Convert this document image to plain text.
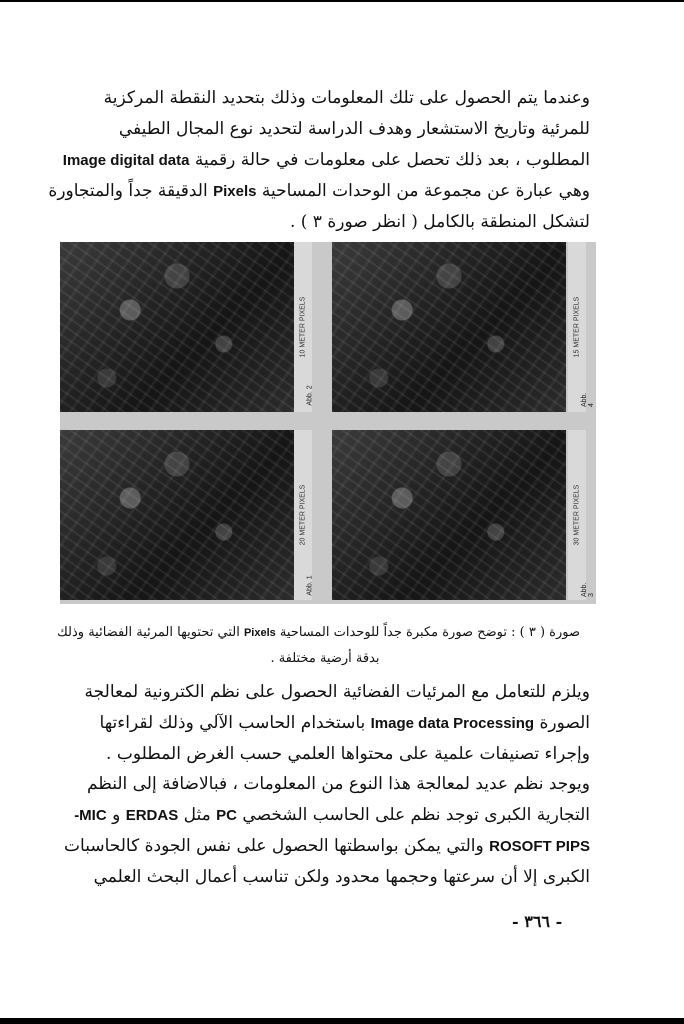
وعندما يتم الحصول على تلك المعلومات وذلك بتحديد النقطة المركزية
للمرئية وتاريخ الاستشعار وهدف الدراسة لتحديد نوع المجال الطيفي
المطلوب ، بعد ذلك تحصل على معلومات في حالة رقمية Image digital data
وهي عبارة عن مجموعة من الوحدات المساحية Pixels الدقيقة جداً والمتجاورة
لتشكل المنطقة بالكامل ( انظر صورة ٣ ) .
10 METER PIXELS
Abb. 2
15 METER PIXELS
Abb. 4
20 METER PIXELS
Abb. 1
30 METER PIXELS
Abb. 3
صورة ( ٣ ) : توضح صورة مكبرة جداً للوحدات المساحية Pixels التي تحتويها المرئية الفضائية وذلك
بدقة أرضية مختلفة .
ويلزم للتعامل مع المرئيات الفضائية الحصول على نظم الكترونية لمعالجة
الصورة Image data Processing باستخدام الحاسب الآلي وذلك لقراءتها
وإجراء تصنيفات علمية على محتواها العلمي حسب الغرض المطلوب .
ويوجد نظم عديد لمعالجة هذا النوع من المعلومات ، فبالاضافة إلى النظم
التجارية الكبرى توجد نظم على الحاسب الشخصي PC مثل ERDAS و -MIC
ROSOFT PIPS والتي يمكن بواسطتها الحصول على نفس الجودة كالحاسبات
الكبرى إلا أن سرعتها وحجمها محدود ولكن تناسب أعمال البحث العلمي
- ٣٦٦ -
